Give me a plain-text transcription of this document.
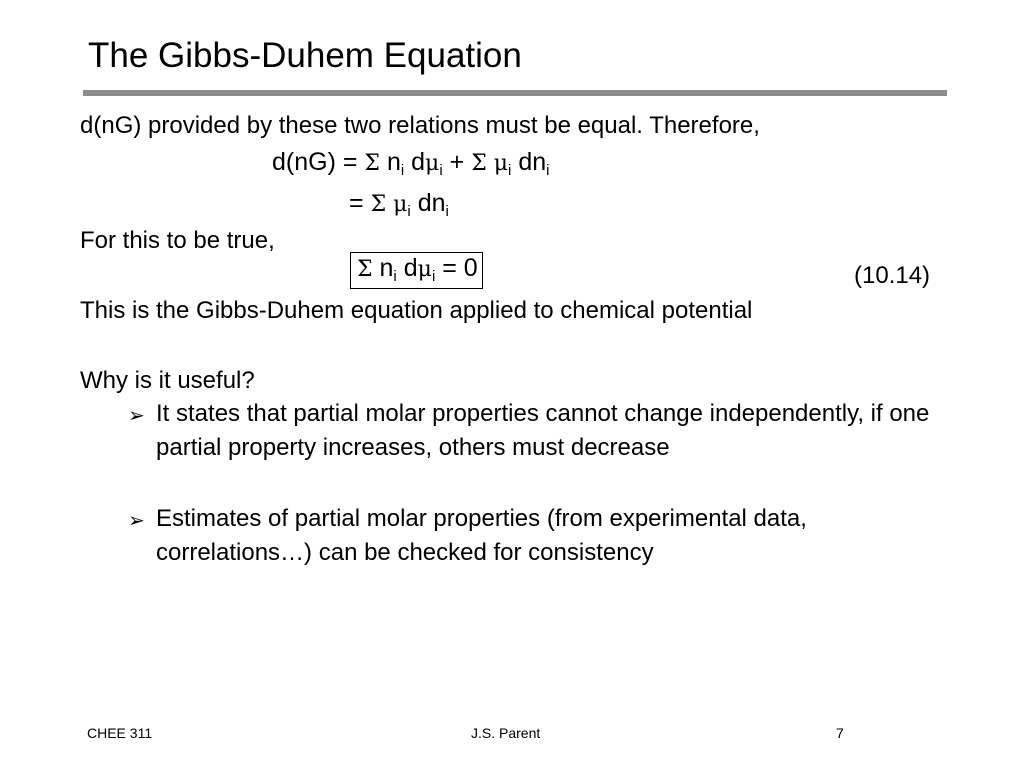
The Gibbs-Duhem Equation
d(nG) provided by these two relations must be equal. Therefore,
d(nG) = Σ $n_i$ $d\mu_i + \Sigma$ $\mu_i$ $dn_i$
= Σ $\mu_i$ $dn_i$
For this to be true,
Σ $n_i$ $d\mu_i = 0$	(10.14)
This is the Gibbs-Duhem equation applied to chemical potential
Why is it useful?
➢ It states that partial molar properties cannot change independently, if one partial property increases, others must decrease
➢ Estimates of partial molar properties (from experimental data, correlations…) can be checked for consistency
CHEE 311	J.S. Parent	7
